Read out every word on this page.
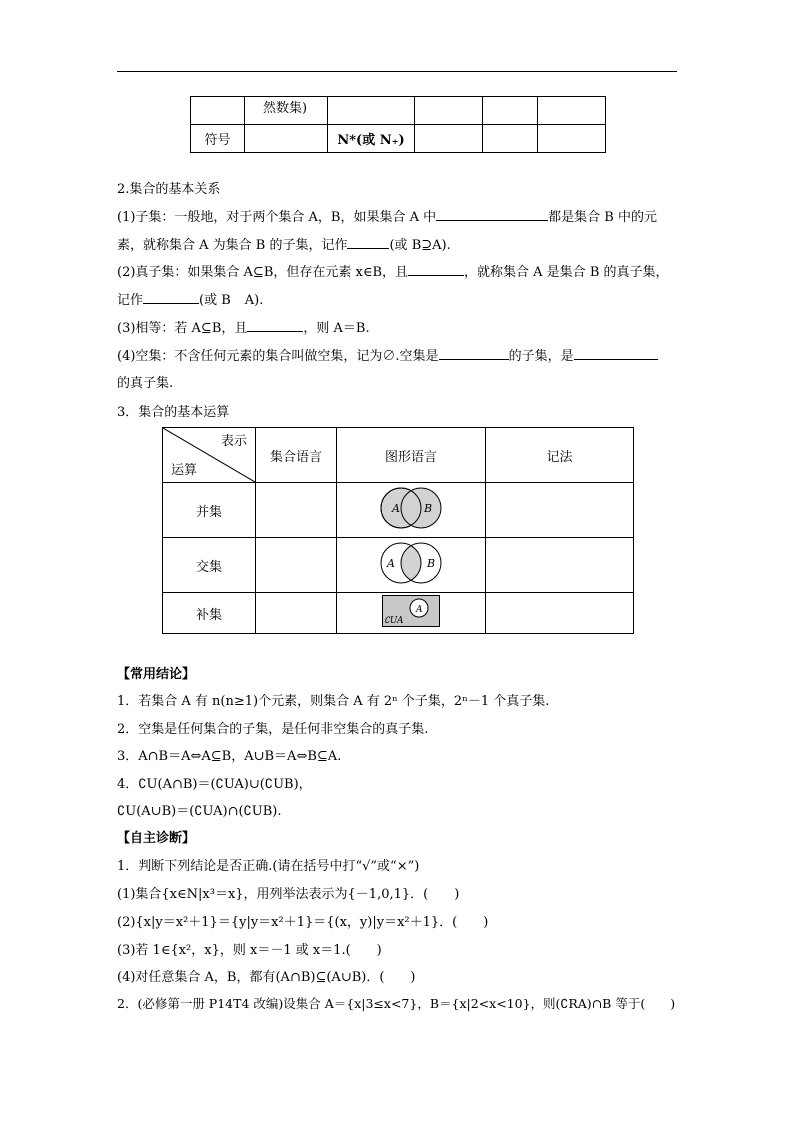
	然数集)				
符号		N*(或 N₊)			
2.集合的基本关系
(1)子集：一般地，对于两个集合 A，B，如果集合 A 中	都是集合 B 中的元
素，就称集合 A 为集合 B 的子集，记作	(或 B⊇A).
(2)真子集：如果集合 A⊆B，但存在元素 x∈B，且	，就称集合 A 是集合 B 的真子集，
记作	(或 B A).
(3)相等：若 A⊆B，且	，则 A＝B.
(4)空集：不含任何元素的集合叫做空集，记为∅.空集是	的子集，是
的真子集.
3．集合的基本运算
表示
运算	集合语言	图形语言	记法
并集		A B	

交集		A B	

补集		A
∁UA	

【常用结论】
1．若集合 A 有 n(n≥1)个元素，则集合 A 有 2ⁿ 个子集，2ⁿ－1 个真子集.
2．空集是任何集合的子集，是任何非空集合的真子集.
3．A∩B＝A⇔A⊆B，A∪B＝A⇔B⊆A.
4．∁U(A∩B)＝(∁UA)∪(∁UB)，
∁U(A∪B)＝(∁UA)∩(∁UB).
【自主诊断】
1．判断下列结论是否正确.(请在括号中打“√”或“×”)
(1)集合{x∈N|x³＝x}，用列举法表示为{－1,0,1}．(　　)
(2){x|y＝x²＋1}＝{y|y＝x²＋1}＝{(x，y)|y＝x²＋1}．(　　)
(3)若 1∈{x²，x}，则 x＝－1 或 x＝1.(　　)
(4)对任意集合 A，B，都有(A∩B)⊆(A∪B)．(　　)
2．(必修第一册 P14T4 改编)设集合 A＝{x|3≤x<7}，B＝{x|2<x<10}，则(∁RA)∩B 等于(　　)
